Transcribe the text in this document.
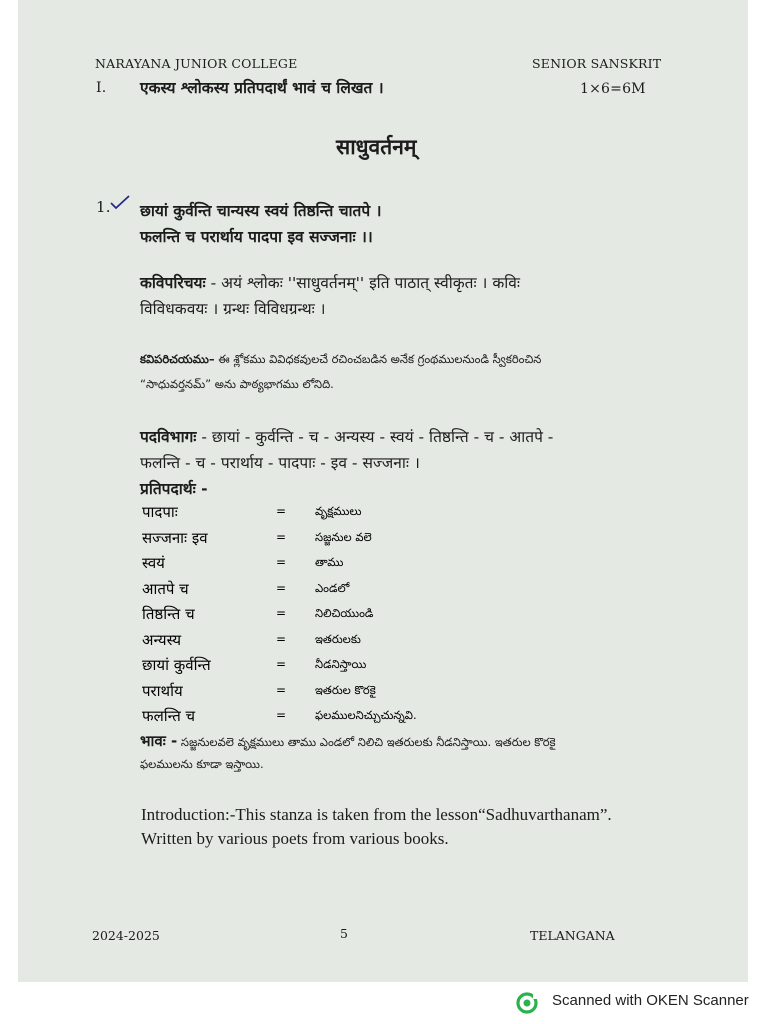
NARAYANA JUNIOR COLLEGE	SENIOR SANSKRIT
I. एकस्य श्लोकस्य प्रतिपदार्थं भावं च लिखत ।	1×6=6M
साधुवर्तनम्
1. छायां कुर्वन्ति चान्यस्य स्वयं तिष्ठन्ति चातपे ।
फलन्ति च परार्थाय पादपा इव सज्जनाः ।।
कविपरिचयः - अयं श्लोकः ''साधुवर्तनम्'' इति पाठात् स्वीकृतः । कविः
विविधकवयः । ग्रन्थः विविधग्रन्थः ।
కవిపరిచయము– ఈ శ్లోకము వివిధకవులచే రచించబడిన అనేక గ్రంథములనుండి స్వీకరించిన
“సాధువర్తనమ్” అను పాఠ్యభాగము లోనిది.
पदविभागः - छायां - कुर्वन्ति - च - अन्यस्य - स्वयं - तिष्ठन्ति - च - आतपे -
फलन्ति - च - परार्थाय - पादपाः - इव - सज्जनाः ।
प्रतिपदार्थः -
पादपाः	=	వృక్షములు
सज्जनाः इव	=	సజ్జనుల వలె
स्वयं	=	తాము
आतपे च	=	ఎండలో
तिष्ठन्ति च	=	నిలిచియుండి
अन्यस्य	=	ఇతరులకు
छायां कुर्वन्ति	=	నీడనిస్తాయి
परार्थाय	=	ఇతరుల కొరకై
फलन्ति च	=	ఫలములనిచ్చుచున్నవి.
भावः - సజ్జనులవలె వృక్షములు తాము ఎండలో నిలిచి ఇతరులకు నీడనిస్తాయి. ఇతరుల కొరకై
ఫలములను కూడా ఇస్తాయి.
Introduction:-This stanza is taken from the lesson“Sadhuvarthanam”.
Written by various poets from various books.
2024-2025	5	TELANGANA
Scanned with OKEN Scanner
